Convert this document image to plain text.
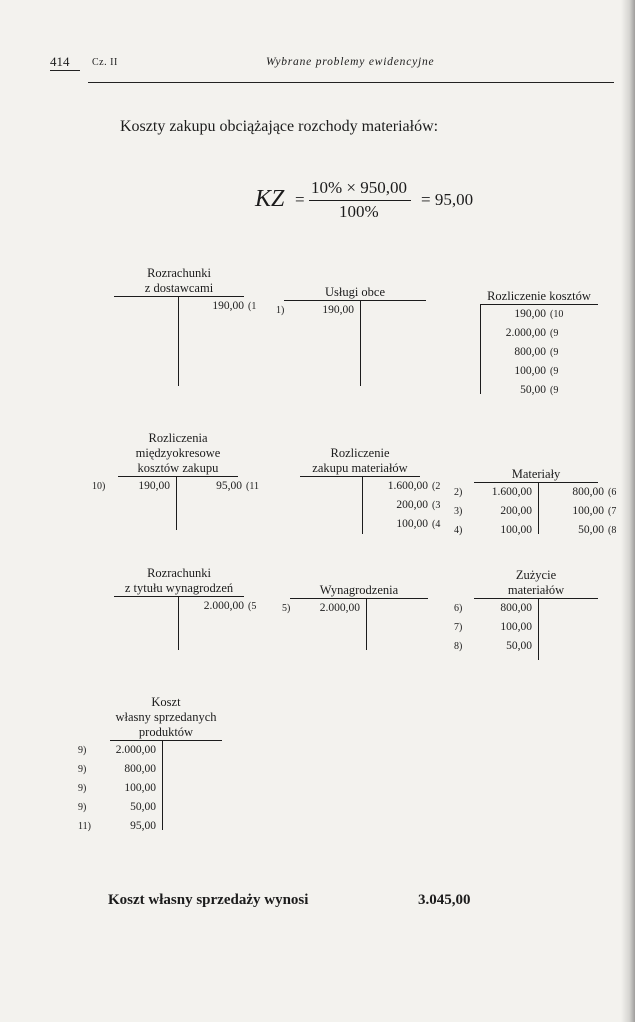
414 Cz. II	Wybrane problemy ewidencyjne
Koszty zakupu obciążające rozchody materiałów:
KZ =
10% × 950,00
100%
= 95,00
Rozrachunki
z dostawcami
190,00 (1
Usługi obce
1)	190,00
Rozliczenie kosztów
190,00 (10
2.000,00 (9
800,00 (9
100,00 (9
50,00 (9
Rozliczenia
międzyokresowe
kosztów zakupu
10)	190,00	95,00 (11
Rozliczenie
zakupu materiałów
1.600,00 (2
200,00 (3
100,00 (4
Materiały
2)	1.600,00
3)	200,00
4)	100,00
800,00 (6
100,00 (7
50,00 (8
Rozrachunki
z tytułu wynagrodzeń
2.000,00 (5
Wynagrodzenia
5)	2.000,00
Zużycie
materiałów
6)	800,00
7)	100,00
8)	50,00
Koszt
własny sprzedanych
produktów
9)	2.000,00
9)	800,00
9)	100,00
9)	50,00
11)	95,00
Koszt własny sprzedaży wynosi	3.045,00
